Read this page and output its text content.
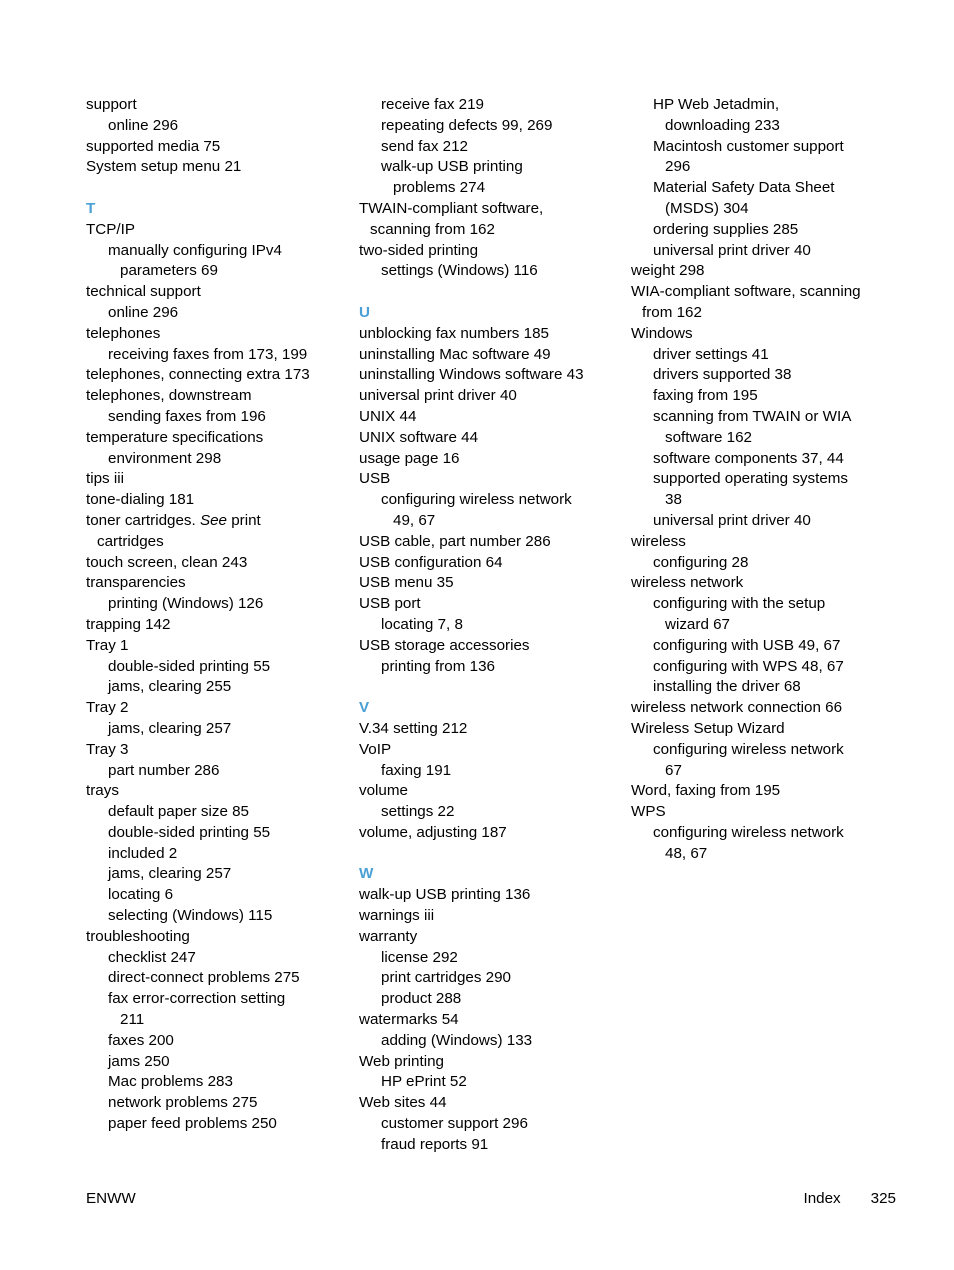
support
online 296
supported media 75
System setup menu 21
T
TCP/IP
manually configuring IPv4
parameters 69
technical support
online 296
telephones
receiving faxes from 173, 199
telephones, connecting extra 173
telephones, downstream
sending faxes from 196
temperature specifications
environment 298
tips iii
tone-dialing 181
toner cartridges. See print
cartridges
touch screen, clean 243
transparencies
printing (Windows) 126
trapping 142
Tray 1
double-sided printing 55
jams, clearing 255
Tray 2
jams, clearing 257
Tray 3
part number 286
trays
default paper size 85
double-sided printing 55
included 2
jams, clearing 257
locating 6
selecting (Windows) 115
troubleshooting
checklist 247
direct-connect problems 275
fax error-correction setting
211
faxes 200
jams 250
Mac problems 283
network problems 275
paper feed problems 250
receive fax 219
repeating defects 99, 269
send fax 212
walk-up USB printing
problems 274
TWAIN-compliant software,
scanning from 162
two-sided printing
settings (Windows) 116
U
unblocking fax numbers 185
uninstalling Mac software 49
uninstalling Windows software 43
universal print driver 40
UNIX 44
UNIX software 44
usage page 16
USB
configuring wireless network
49, 67
USB cable, part number 286
USB configuration 64
USB menu 35
USB port
locating 7, 8
USB storage accessories
printing from 136
V
V.34 setting 212
VoIP
faxing 191
volume
settings 22
volume, adjusting 187
W
walk-up USB printing 136
warnings iii
warranty
license 292
print cartridges 290
product 288
watermarks 54
adding (Windows) 133
Web printing
HP ePrint 52
Web sites 44
customer support 296
fraud reports 91
HP Web Jetadmin,
downloading 233
Macintosh customer support
296
Material Safety Data Sheet
(MSDS) 304
ordering supplies 285
universal print driver 40
weight 298
WIA-compliant software, scanning
from 162
Windows
driver settings 41
drivers supported 38
faxing from 195
scanning from TWAIN or WIA
software 162
software components 37, 44
supported operating systems
38
universal print driver 40
wireless
configuring 28
wireless network
configuring with the setup
wizard 67
configuring with USB 49, 67
configuring with WPS 48, 67
installing the driver 68
wireless network connection 66
Wireless Setup Wizard
configuring wireless network
67
Word, faxing from 195
WPS
configuring wireless network
48, 67
ENWW	Index 325
